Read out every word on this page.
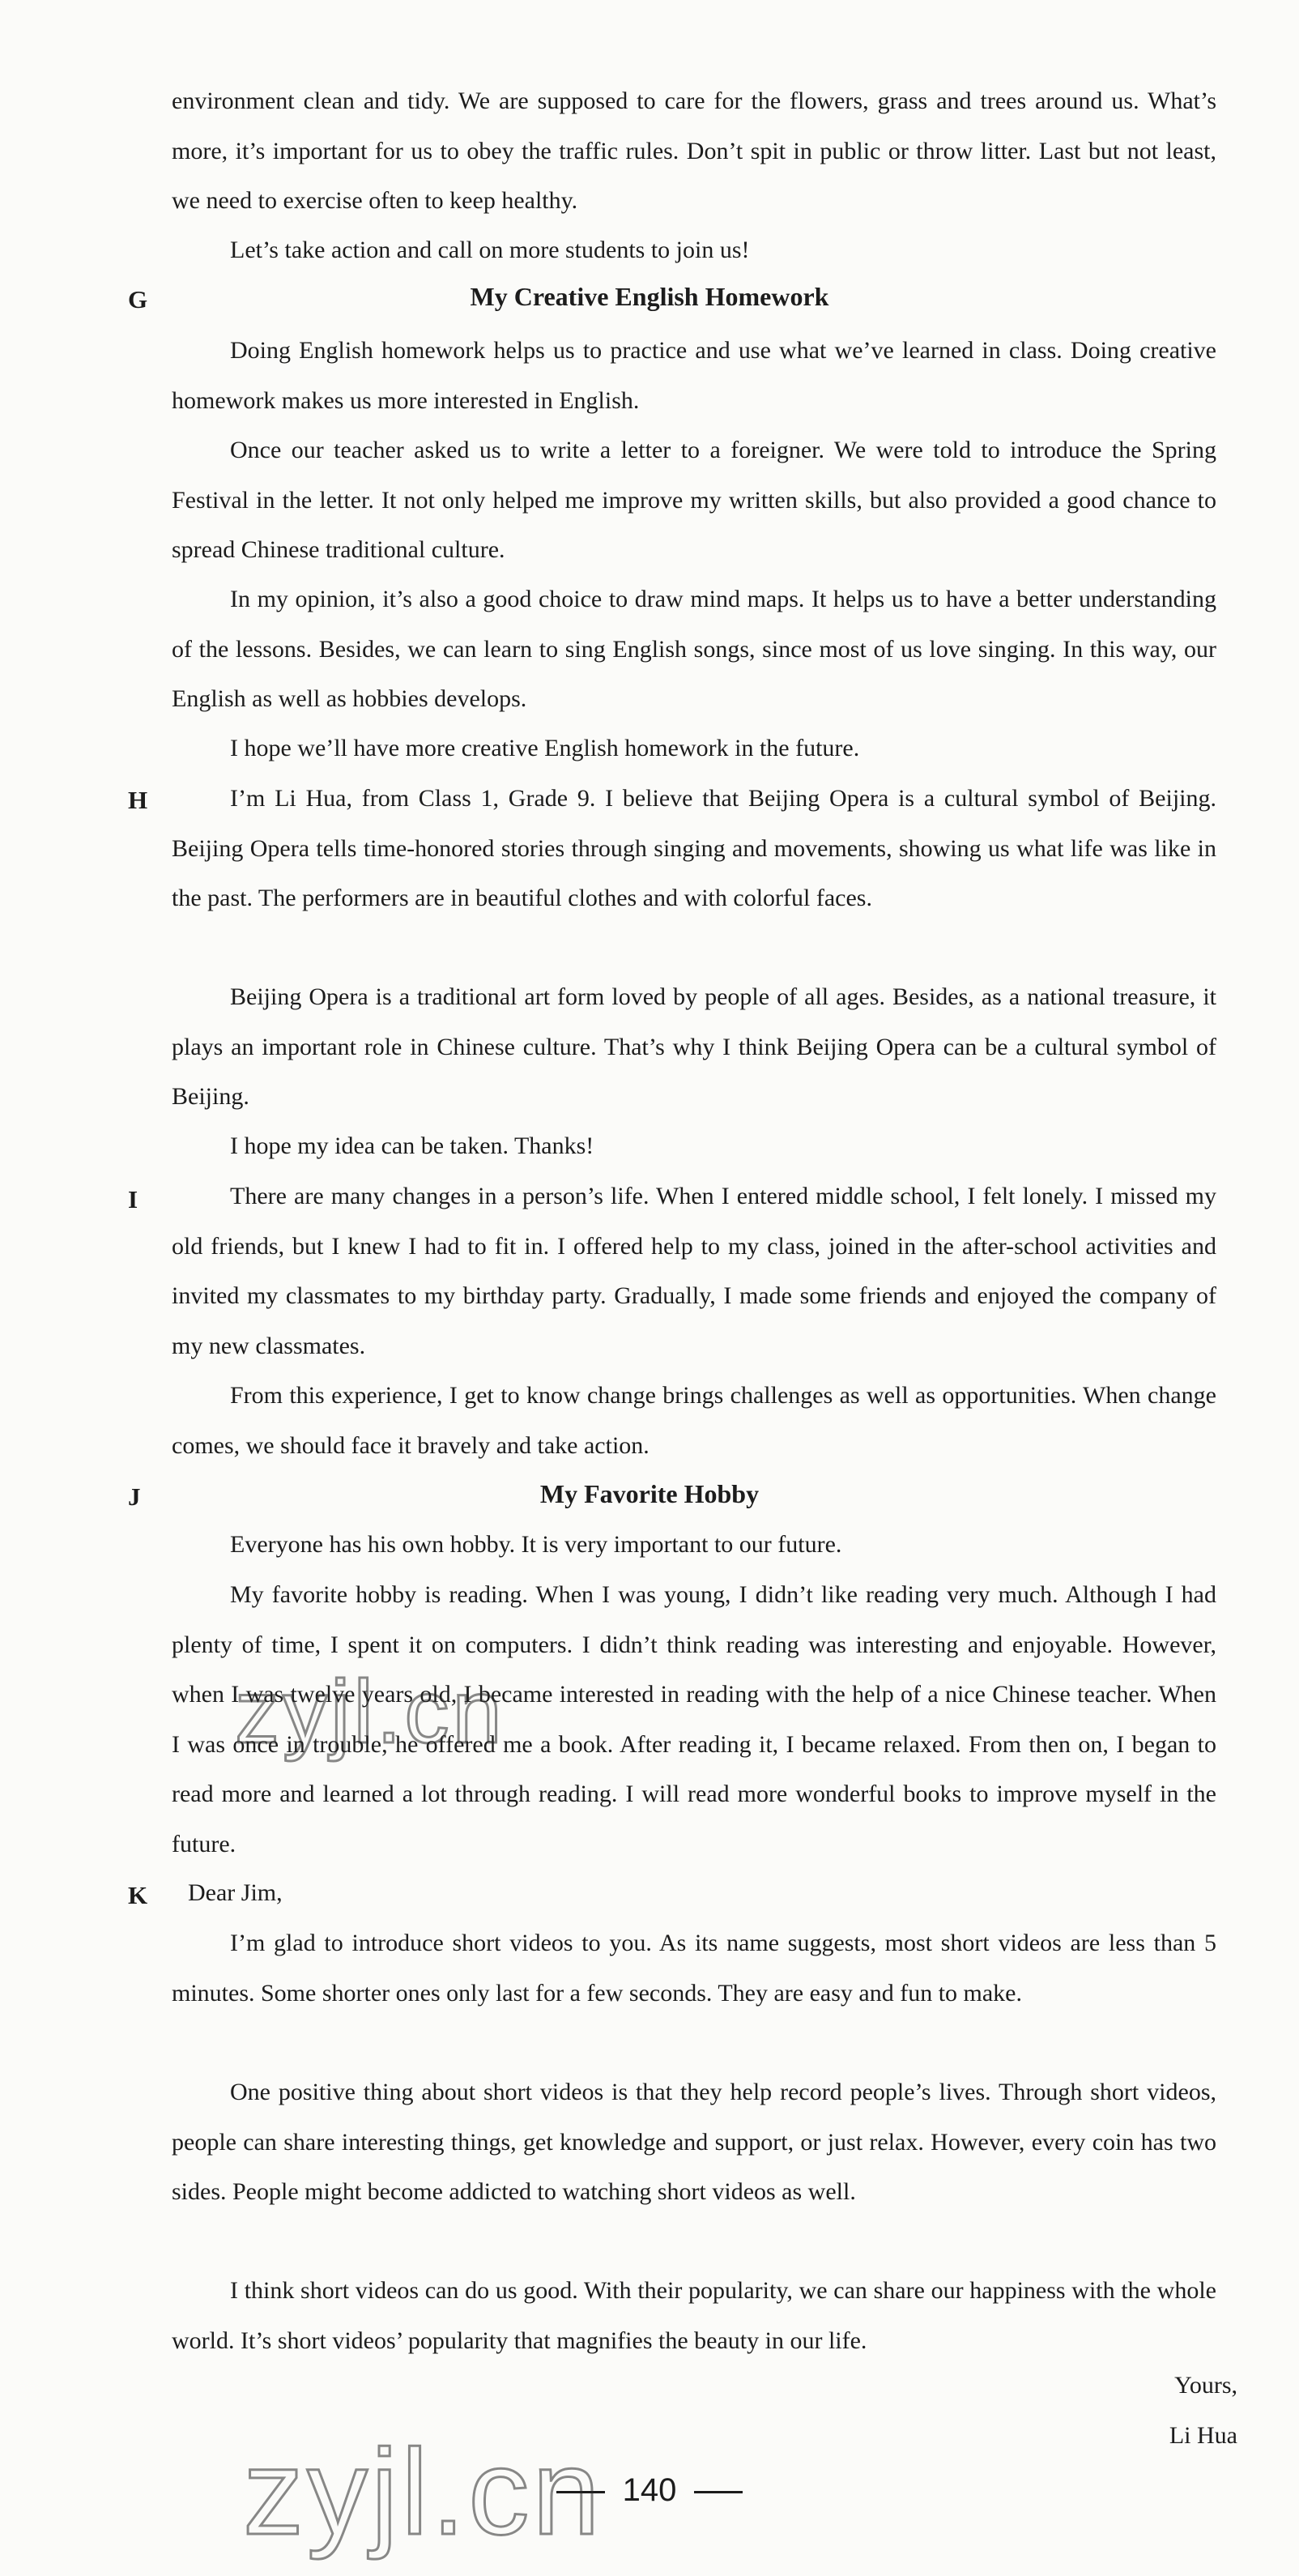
environment clean and tidy. We are supposed to care for the flowers, grass and trees around us. What’s more, it’s important for us to obey the traffic rules. Don’t spit in public or throw litter. Last but not least, we need to exercise often to keep healthy.

Let’s take action and call on more students to join us!

G	My Creative English Homework

Doing English homework helps us to practice and use what we’ve learned in class. Doing creative homework makes us more interested in English.

Once our teacher asked us to write a letter to a foreigner. We were told to introduce the Spring Festival in the letter. It not only helped me improve my written skills, but also provided a good chance to spread Chinese traditional culture.

In my opinion, it’s also a good choice to draw mind maps. It helps us to have a better understanding of the lessons. Besides, we can learn to sing English songs, since most of us love singing. In this way, our English as well as hobbies develops.

I hope we’ll have more creative English homework in the future.

H	I’m Li Hua, from Class 1, Grade 9. I believe that Beijing Opera is a cultural symbol of Beijing. Beijing Opera tells time-honored stories through singing and movements, showing us what life was like in the past. The performers are in beautiful clothes and with colorful faces.

Beijing Opera is a traditional art form loved by people of all ages. Besides, as a national treasure, it plays an important role in Chinese culture. That’s why I think Beijing Opera can be a cultural symbol of Beijing.

I hope my idea can be taken. Thanks!

I	There are many changes in a person’s life. When I entered middle school, I felt lonely. I missed my old friends, but I knew I had to fit in. I offered help to my class, joined in the after-school activities and invited my classmates to my birthday party. Gradually, I made some friends and enjoyed the company of my new classmates.

From this experience, I get to know change brings challenges as well as opportunities. When change comes, we should face it bravely and take action.

J	My Favorite Hobby

Everyone has his own hobby. It is very important to our future.

My favorite hobby is reading. When I was young, I didn’t like reading very much. Although I had plenty of time, I spent it on computers. I didn’t think reading was interesting and enjoyable. However, when I was twelve years old, I became interested in reading with the help of a nice Chinese teacher. When I was once in trouble, he offered me a book. After reading it, I became relaxed. From then on, I began to read more and learned a lot through reading. I will read more wonderful books to improve myself in the future.

K Dear Jim,

I’m glad to introduce short videos to you. As its name suggests, most short videos are less than 5 minutes. Some shorter ones only last for a few seconds. They are easy and fun to make.

One positive thing about short videos is that they help record people’s lives. Through short videos, people can share interesting things, get knowledge and support, or just relax. However, every coin has two sides. People might become addicted to watching short videos as well.

I think short videos can do us good. With their popularity, we can share our happiness with the whole world. It’s short videos’ popularity that magnifies the beauty in our life.

Yours,
Li Hua
140
zyjl.cn
zyjl.cn
